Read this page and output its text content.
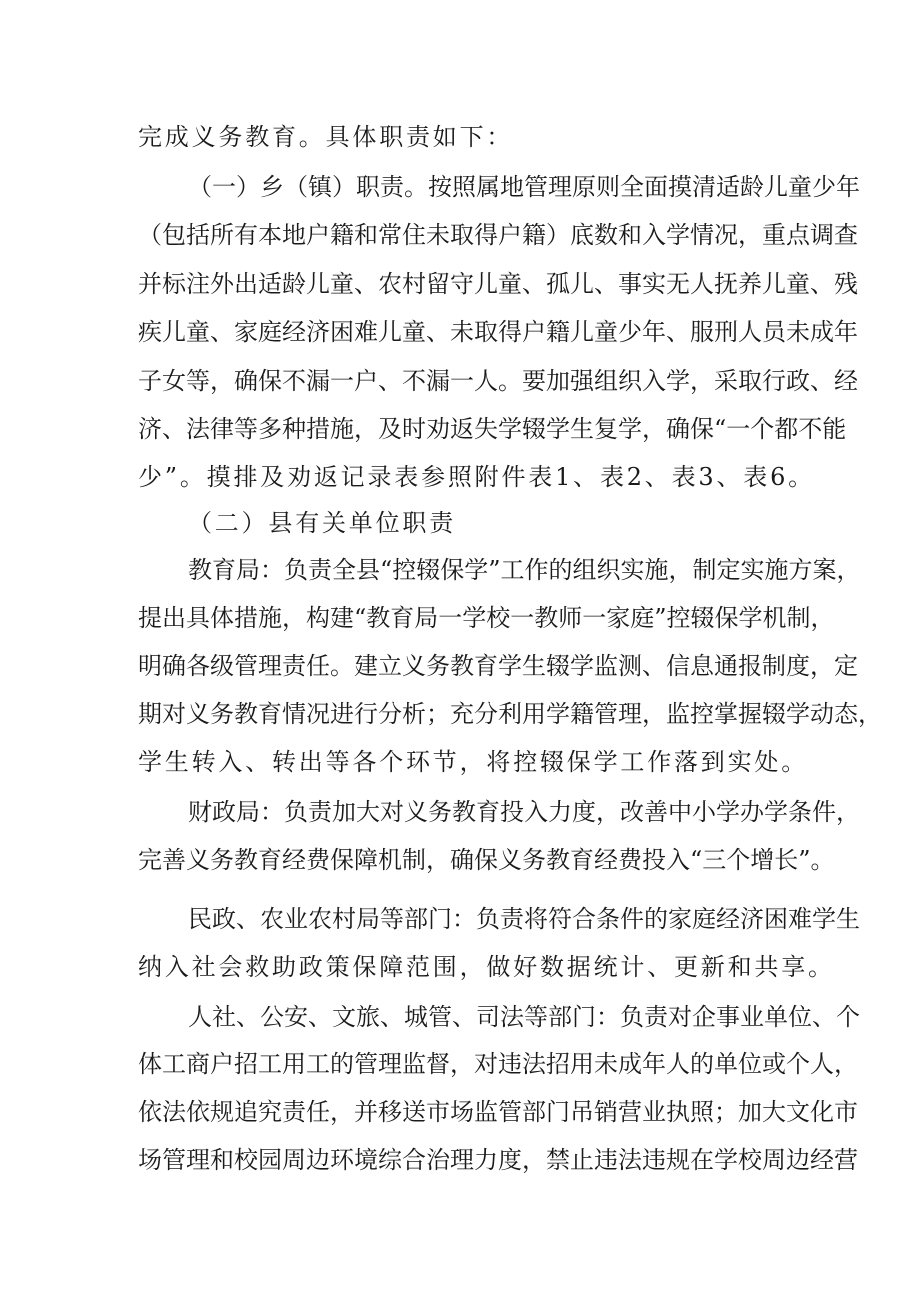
完成义务教育。具体职责如下：
（一）乡（镇）职责。按照属地管理原则全面摸清适龄儿童少年
（包括所有本地户籍和常住未取得户籍）底数和入学情况，重点调查
并标注外出适龄儿童、农村留守儿童、孤儿、事实无人抚养儿童、残
疾儿童、家庭经济困难儿童、未取得户籍儿童少年、服刑人员未成年
子女等，确保不漏一户、不漏一人。要加强组织入学，采取行政、经
济、法律等多种措施，及时劝返失学辍学生复学，确保“一个都不能
少”。摸排及劝返记录表参照附件表1、表2、表3、表6。
（二）县有关单位职责
教育局：负责全县“控辍保学”工作的组织实施，制定实施方案，
提出具体措施，构建“教育局一学校一教师一家庭”控辍保学机制，
明确各级管理责任。建立义务教育学生辍学监测、信息通报制度，定
期对义务教育情况进行分析；充分利用学籍管理，监控掌握辍学动态，
学生转入、转出等各个环节，将控辍保学工作落到实处。
财政局：负责加大对义务教育投入力度，改善中小学办学条件，
完善义务教育经费保障机制，确保义务教育经费投入“三个增长”。
民政、农业农村局等部门：负责将符合条件的家庭经济困难学生
纳入社会救助政策保障范围，做好数据统计、更新和共享。
人社、公安、文旅、城管、司法等部门：负责对企事业单位、个
体工商户招工用工的管理监督，对违法招用未成年人的单位或个人，
依法依规追究责任，并移送市场监管部门吊销营业执照；加大文化市
场管理和校园周边环境综合治理力度，禁止违法违规在学校周边经营
